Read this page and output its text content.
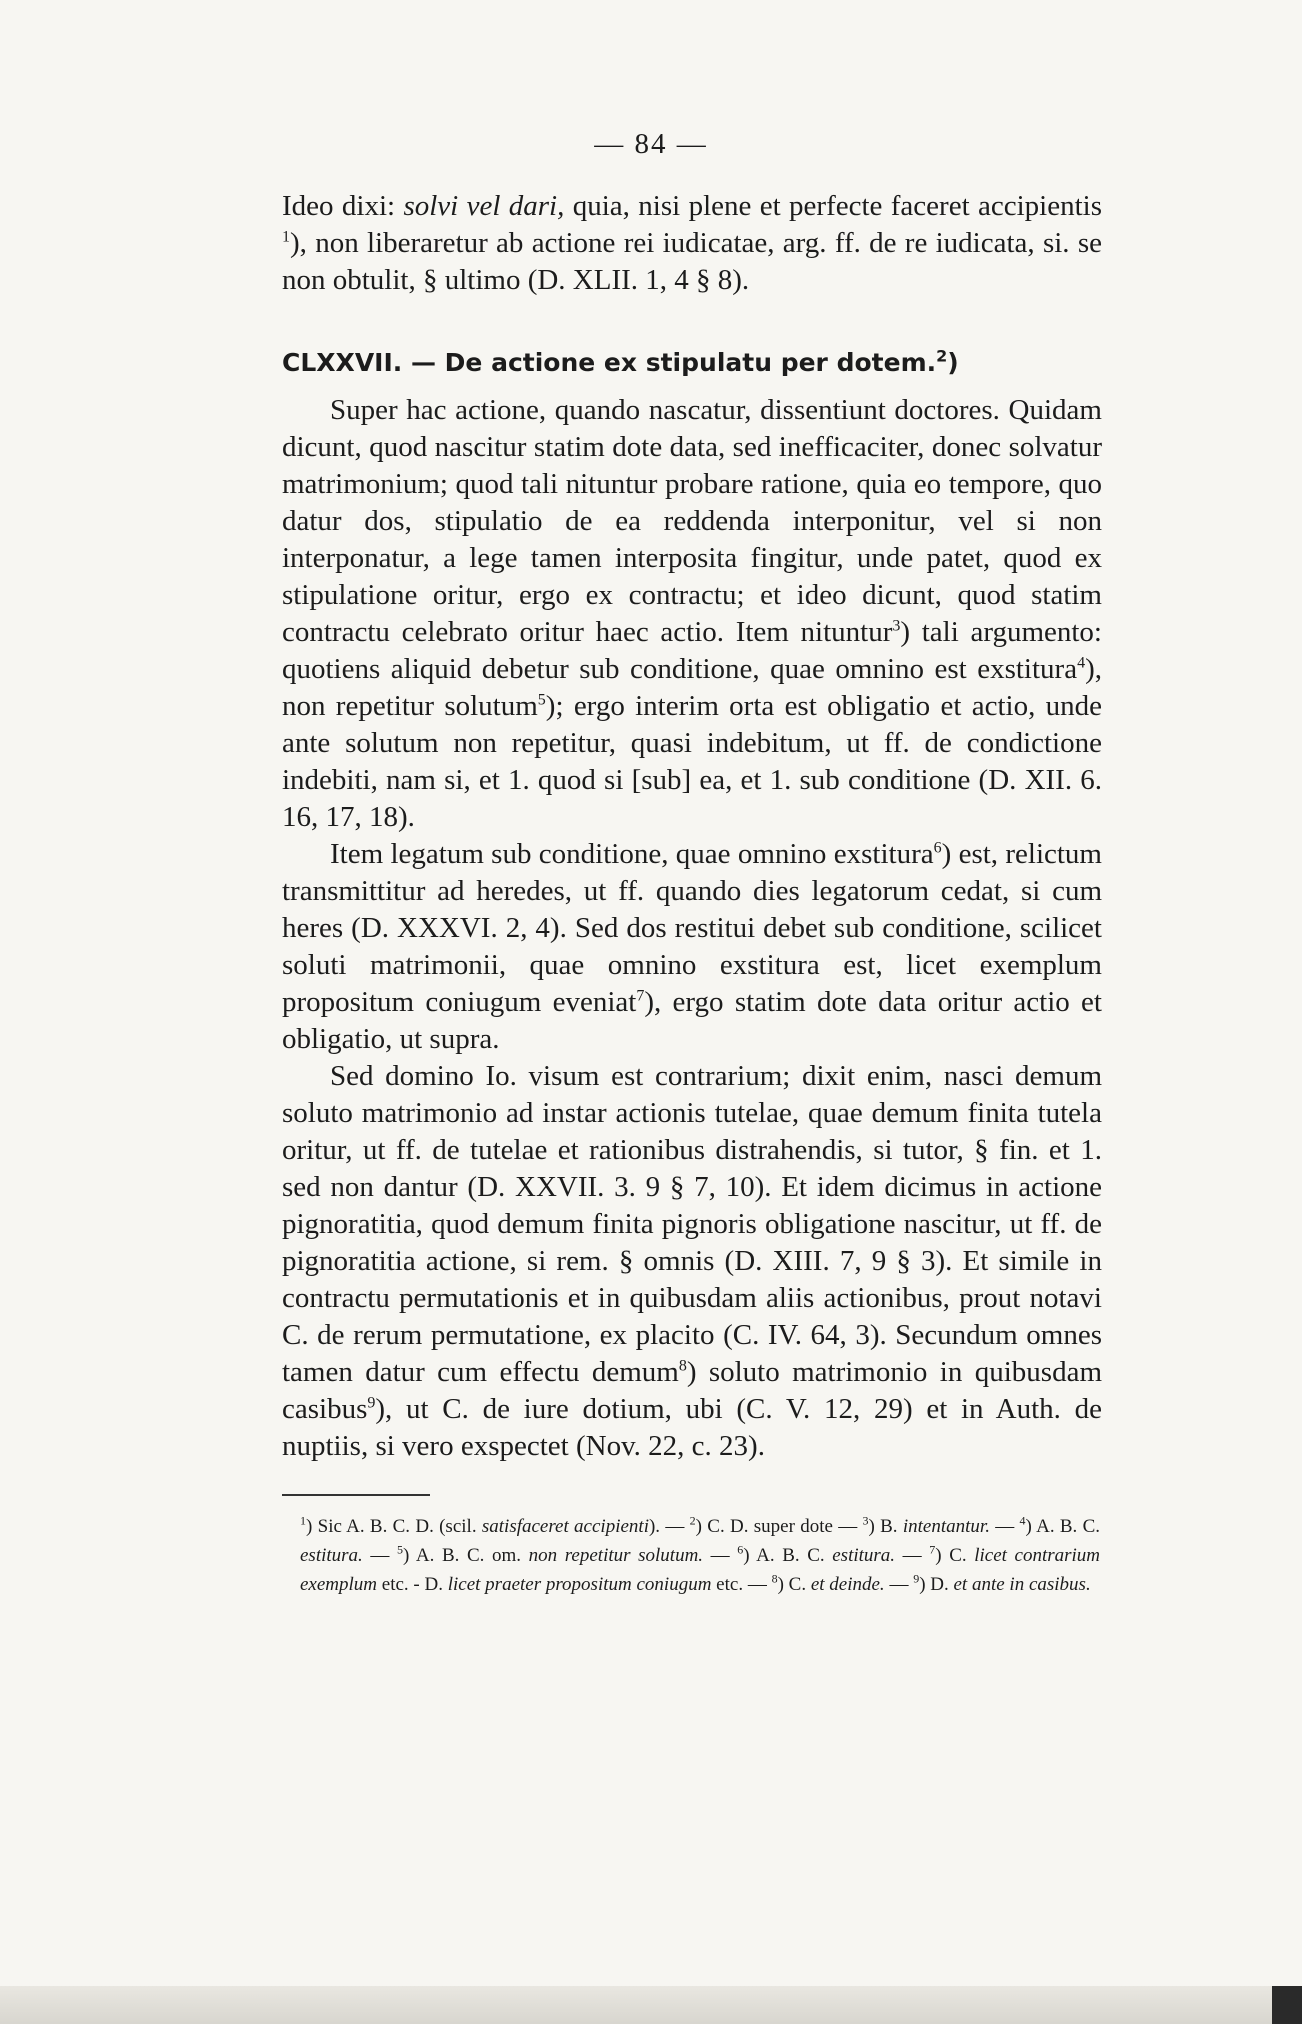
— 84 —

Ideo dixi: solvi vel dari, quia, nisi plene et perfecte faceret accipientis $^1$), non liberaretur ab actione rei iudicatae, arg. ff. de re iudicata, si. se non obtulit, § ultimo (D. XLII. 1, 4 § 8).

CLXXVII. — De actione ex stipulatu per dotem.$^2$)

Super hac actione, quando nascatur, dissentiunt doctores. Quidam dicunt, quod nascitur statim dote data, sed inefficaciter, donec solvatur matrimonium; quod tali nituntur probare ratione, quia eo tempore, quo datur dos, stipulatio de ea reddenda interponitur, vel si non interponatur, a lege tamen interposita fingitur, unde patet, quod ex stipulatione oritur, ergo ex contractu; et ideo dicunt, quod statim contractu celebrato oritur haec actio. Item nituntur$^3$) tali argumento: quotiens aliquid debetur sub conditione, quae omnino est exstitura$^4$), non repetitur solutum$^5$); ergo interim orta est obligatio et actio, unde ante solutum non repetitur, quasi indebitum, ut ff. de condictione indebiti, nam si, et 1. quod si [sub] ea, et 1. sub conditione (D. XII. 6. 16, 17, 18).

Item legatum sub conditione, quae omnino exstitura$^6$) est, relictum transmittitur ad heredes, ut ff. quando dies legatorum cedat, si cum heres (D. XXXVI. 2, 4). Sed dos restitui debet sub conditione, scilicet soluti matrimonii, quae omnino exstitura est, licet exemplum propositum coniugum eveniat$^7$), ergo statim dote data oritur actio et obligatio, ut supra.

Sed domino Io. visum est contrarium; dixit enim, nasci demum soluto matrimonio ad instar actionis tutelae, quae demum finita tutela oritur, ut ff. de tutelae et rationibus distrahendis, si tutor, § fin. et 1. sed non dantur (D. XXVII. 3. 9 § 7, 10). Et idem dicimus in actione pignoratitia, quod demum finita pignoris obligatione nascitur, ut ff. de pignoratitia actione, si rem. § omnis (D. XIII. 7, 9 § 3). Et simile in contractu permutationis et in quibusdam aliis actionibus, prout notavi C. de rerum permutatione, ex placito (C. IV. 64, 3). Secundum omnes tamen datur cum effectu demum$^8$) soluto matrimonio in quibusdam casibus$^9$), ut C. de iure dotium, ubi (C. V. 12, 29) et in Auth. de nuptiis, si vero exspectet (Nov. 22, c. 23).

$^1$) Sic A. B. C. D. (scil. satisfaceret accipienti). — $^2$) C. D. super dote — $^3$) B. intentantur. — $^4$) A. B. C. estitura. — $^5$) A. B. C. om. non repetitur solutum. — $^6$) A. B. C. estitura. — $^7$) C. licet contrarium exemplum etc. - D. licet praeter propositum coniugum etc. — $^8$) C. et deinde. — $^9$) D. et ante in casibus.
